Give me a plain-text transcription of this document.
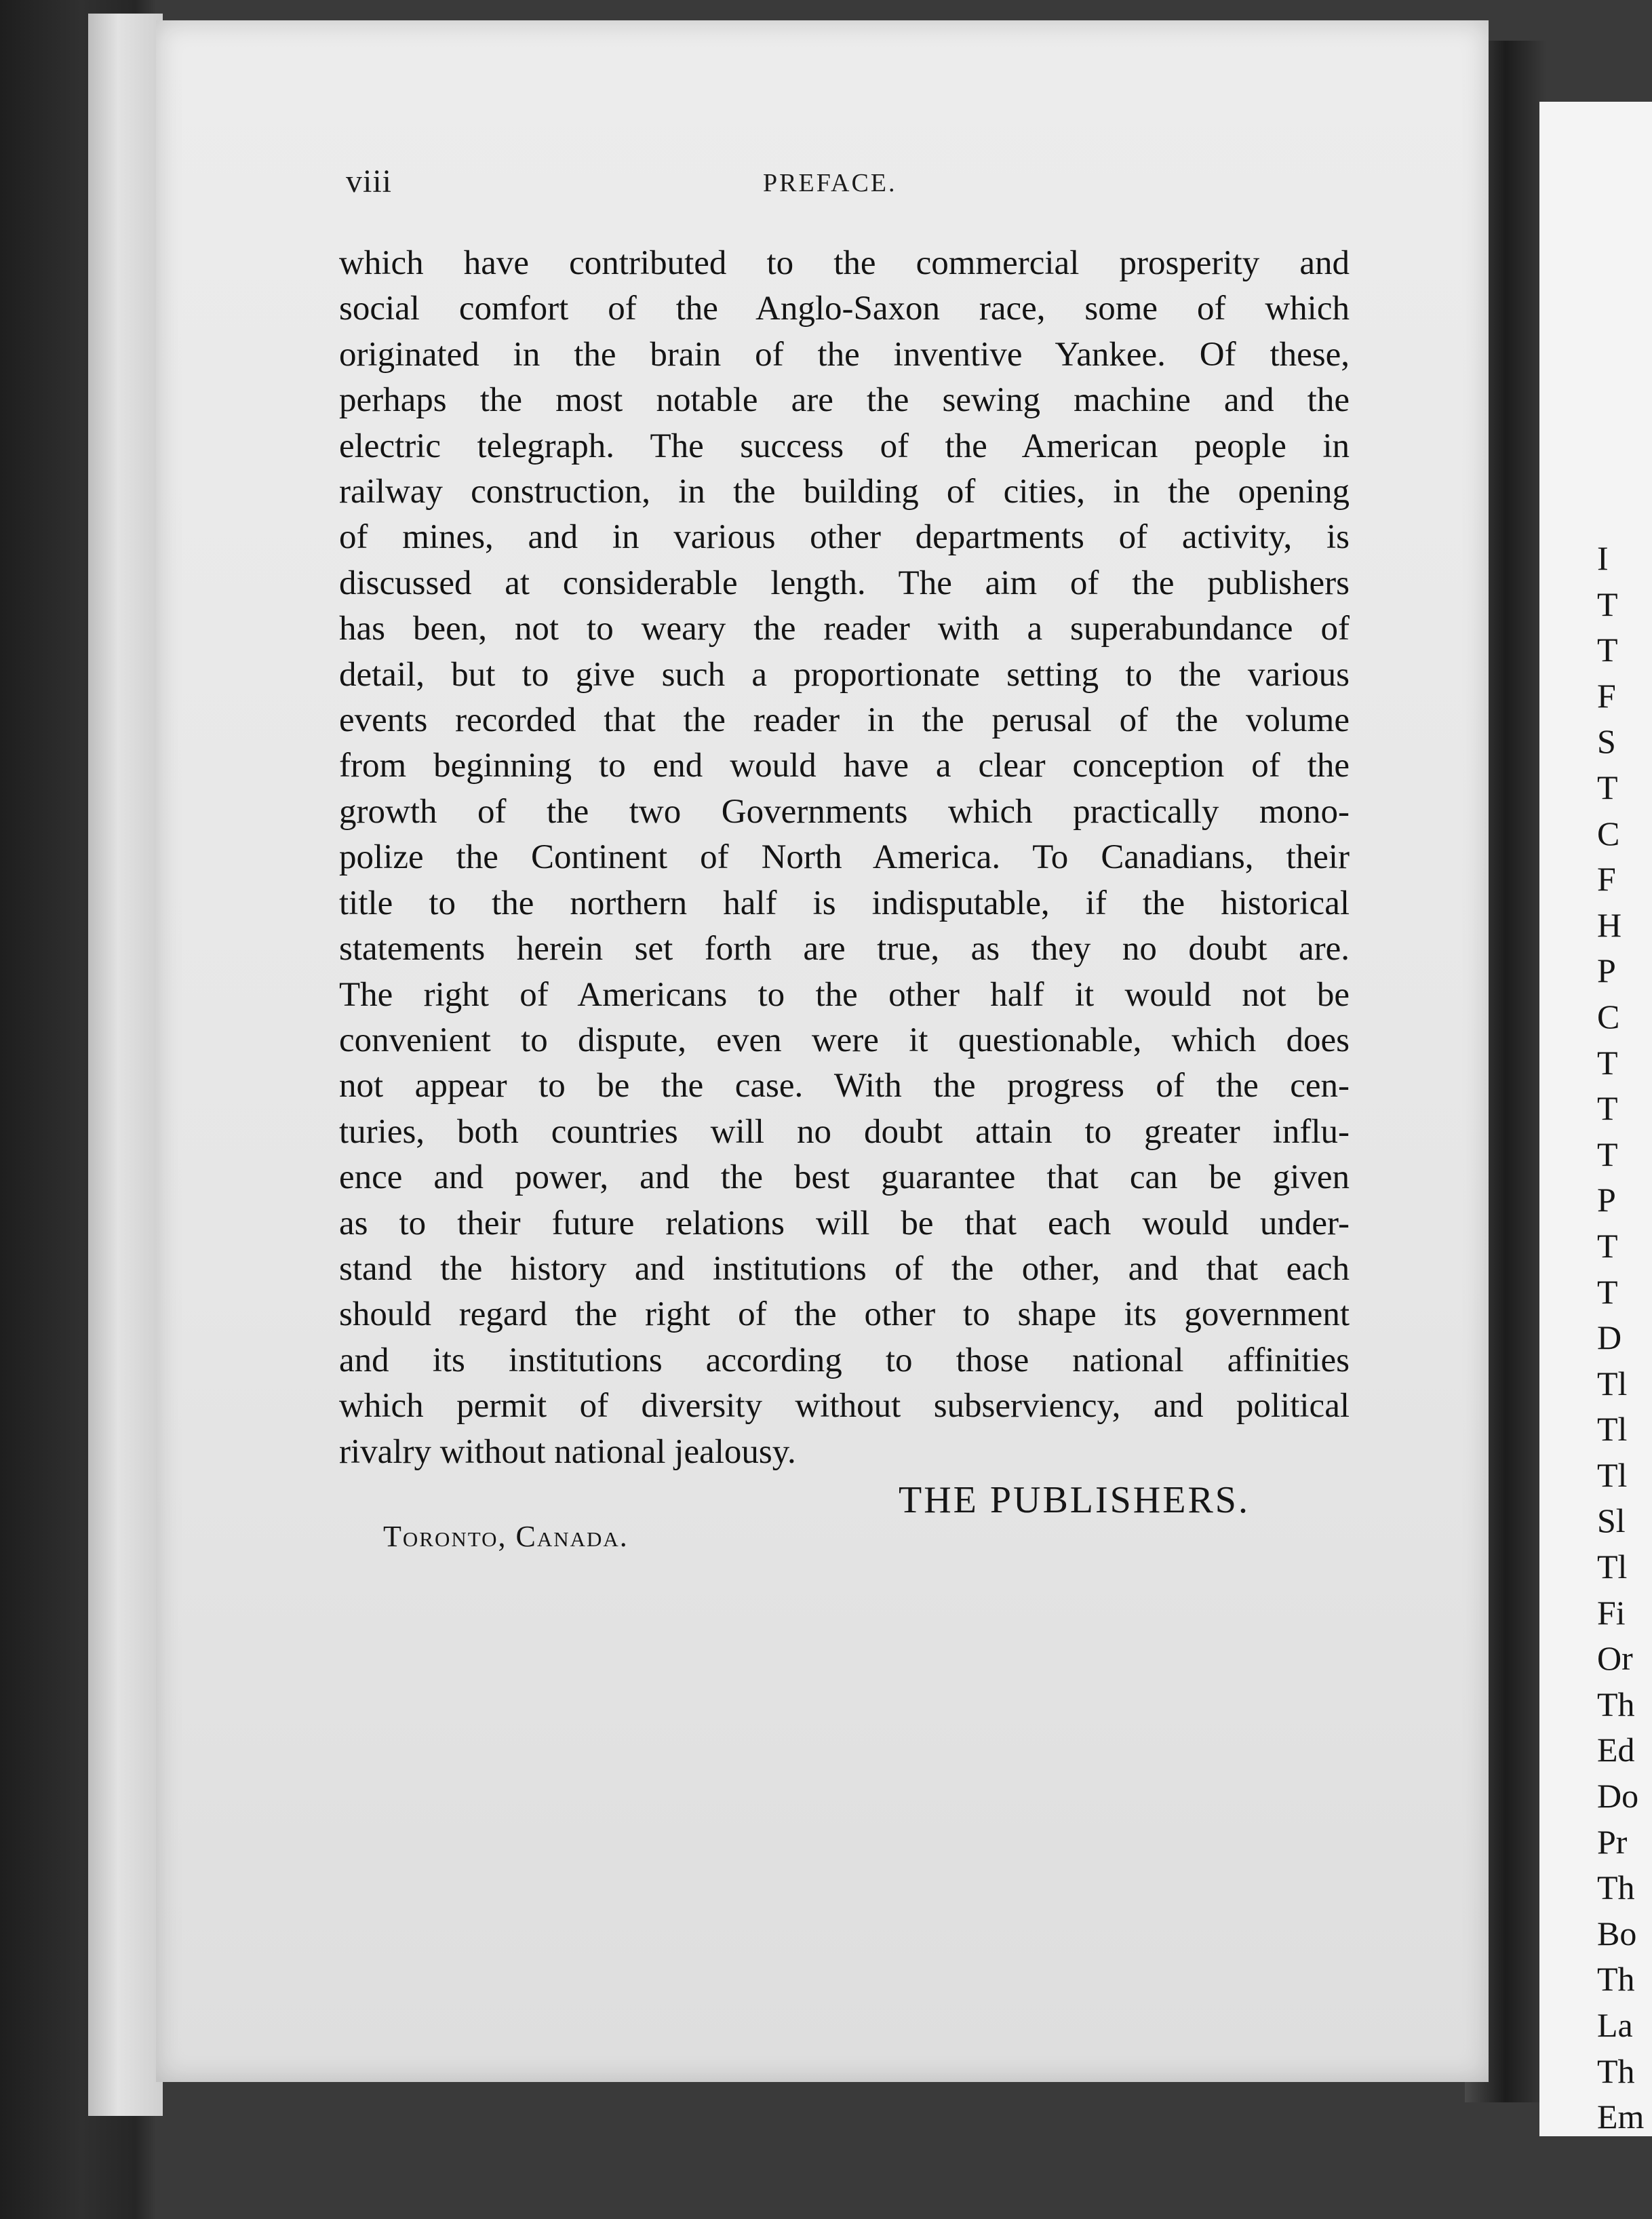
viii	PREFACE.

which have contributed to the commercial prosperity and
social comfort of the Anglo-Saxon race, some of which
originated in the brain of the inventive Yankee. Of these,
perhaps the most notable are the sewing machine and the
electric telegraph. The success of the American people in
railway construction, in the building of cities, in the opening
of mines, and in various other departments of activity, is
discussed at considerable length. The aim of the publishers
has been, not to weary the reader with a superabundance of
detail, but to give such a proportionate setting to the various
events recorded that the reader in the perusal of the volume
from beginning to end would have a clear conception of the
growth of the two Governments which practically mono-
polize the Continent of North America. To Canadians, their
title to the northern half is indisputable, if the historical
statements herein set forth are true, as they no doubt are.
The right of Americans to the other half it would not be
convenient to dispute, even were it questionable, which does
not appear to be the case. With the progress of the cen-
turies, both countries will no doubt attain to greater influ-
ence and power, and the best guarantee that can be given
as to their future relations will be that each would under-
stand the history and institutions of the other, and that each
should regard the right of the other to shape its government
and its institutions according to those national affinities
which permit of diversity without subserviency, and political
rivalry without national jealousy.

THE PUBLISHERS.
Toronto, Canada.
I
T
T
F
S
T
C
F
H
P
C
T
T
T
P
T
T
D
Tl
Tl
Tl
Sl
Tl
Fi
Or
Th
Ed
Do
Pr
Th
Bo
Th
La
Th
Em
